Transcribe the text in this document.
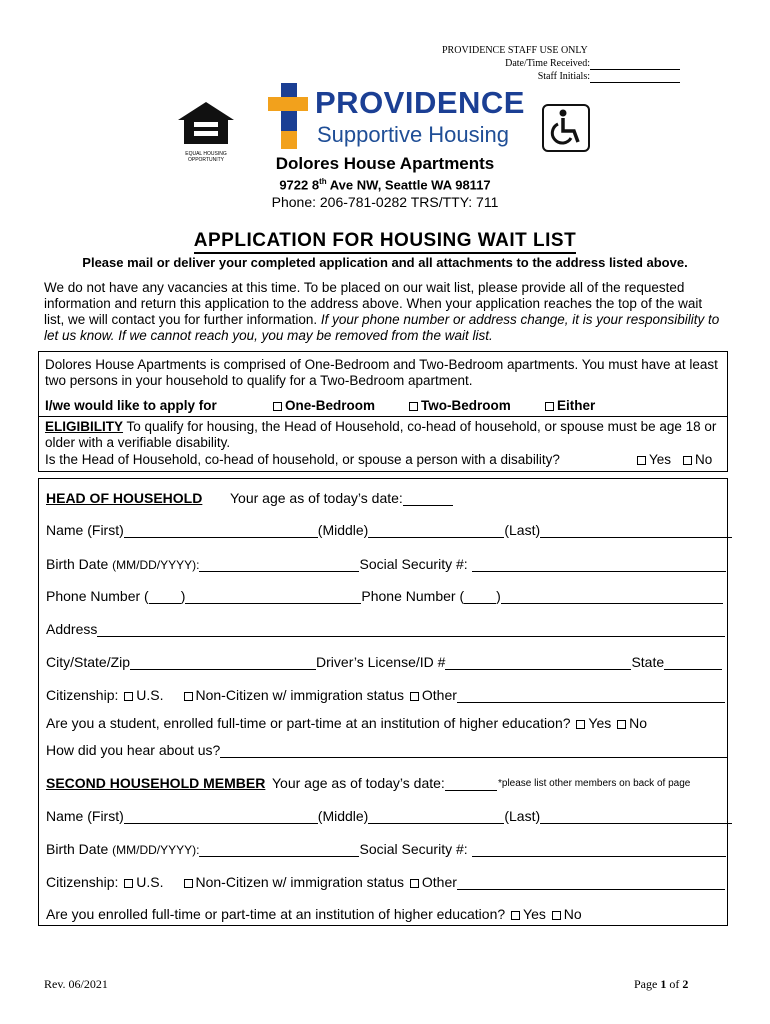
PROVIDENCE STAFF USE ONLY
Date/Time Received:
Staff Initials:
EQUAL HOUSING OPPORTUNITY
PROVIDENCE
Supportive Housing
Dolores House Apartments
9722 8th Ave NW, Seattle WA 98117
Phone: 206-781-0282 TRS/TTY: 711
APPLICATION FOR HOUSING WAIT LIST
Please mail or deliver your completed application and all attachments to the address listed above.
We do not have any vacancies at this time. To be placed on our wait list, please provide all of the requested information and return this application to the address above. When your application reaches the top of the wait list, we will contact you for further information. If your phone number or address change, it is your responsibility to let us know. If we cannot reach you, you may be removed from the wait list.
Dolores House Apartments is comprised of One-Bedroom and Two-Bedroom apartments. You must have at least two persons in your household to qualify for a Two-Bedroom apartment.
I/we would like to apply for	One-Bedroom	Two-Bedroom	Either
ELIGIBILITY To qualify for housing, the Head of Household, co-head of household, or spouse must be age 18 or older with a verifiable disability.
Is the Head of Household, co-head of household, or spouse a person with a disability?	Yes	No
HEAD OF HOUSEHOLD Your age as of today’s date:
Name (First)	(Middle)	(Last)
Birth Date (MM/DD/YYYY):	Social Security #:
Phone Number ( )	Phone Number ( )
Address
City/State/Zip	Driver’s License/ID #	State
Citizenship: U.S. Non-Citizen w/ immigration status Other
Are you a student, enrolled full-time or part-time at an institution of higher education? Yes No
How did you hear about us?
SECOND HOUSEHOLD MEMBER Your age as of today’s date:	*please list other members on back of page
Name (First)	(Middle)	(Last)
Birth Date (MM/DD/YYYY):	Social Security #:
Citizenship: U.S. Non-Citizen w/ immigration status Other
Are you enrolled full-time or part-time at an institution of higher education? Yes No
Rev. 06/2021	Page 1 of 2
